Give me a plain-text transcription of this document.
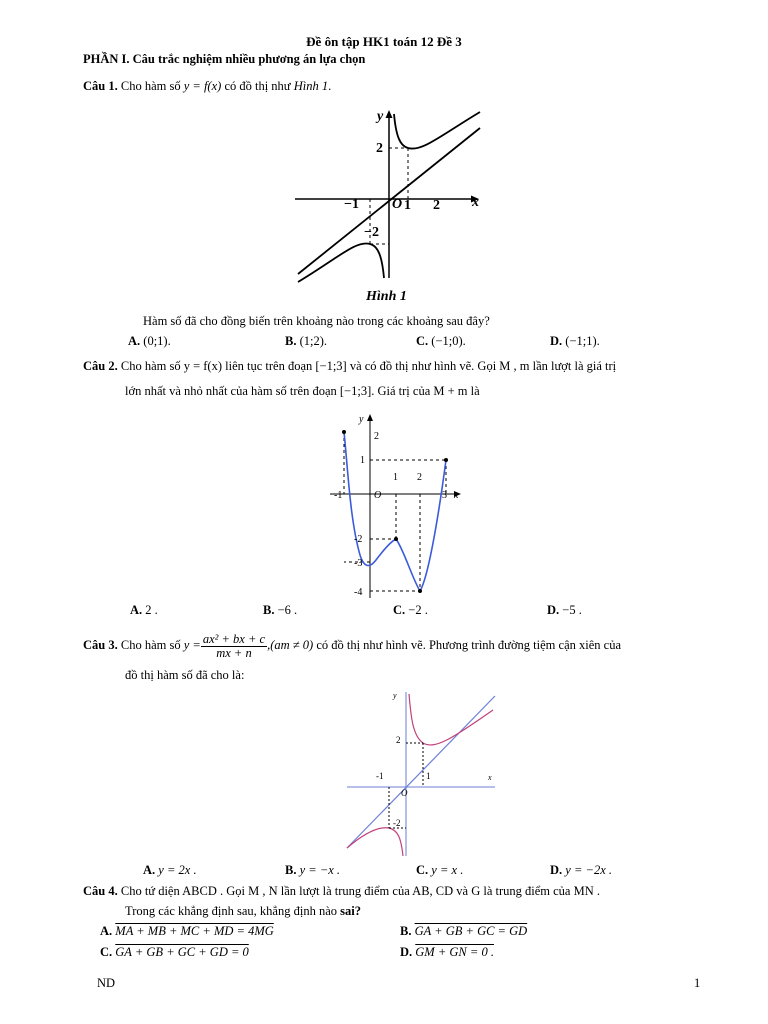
Đề ôn tập HK1 toán 12 Đề 3
PHẦN I. Câu trắc nghiệm nhiều phương án lựa chọn
Câu 1. Cho hàm số y = f(x) có đồ thị như Hình 1.
y
x
O
2
−2
−1	1 2
Hình 1
Hàm số đã cho đồng biến trên khoảng nào trong các khoảng sau đây?
A. (0;1).	B. (1;2).	C. (−1;0).	D. (−1;1).
Câu 2. Cho hàm số y = f(x) liên tục trên đoạn [−1;3] và có đồ thị như hình vẽ. Gọi M , m lần lượt là giá trị
lớn nhất và nhỏ nhất của hàm số trên đoạn [−1;3]. Giá trị của M + m là
y
x
2
1
O
1 2
-1	3
-2
-3
-4
A. 2 .	B. −6 .	C. −2 .	D. −5 .
Câu 3. Cho hàm số $y = \frac{\text{ax² + bx + c}}{mx + n} ,(am \ne 0)$ có đồ thị như hình vẽ. Phương trình đường tiệm cận xiên của
đồ thị hàm số đã cho là:
y
x
O
2
-1	1
-2
A. y = 2x .	B. y = −x .	C. y = x .	D. y = −2x .
Câu 4. Cho tứ diện ABCD . Gọi M , N lần lượt là trung điểm của AB, CD và G là trung điểm của MN .
Trong các khẳng định sau, khẳng định nào sai?
A. MA + MB + MC + MD = 4MG	B. GA + GB + GC = GD
C. GA + GB + GC + GD = 0	D. GM + GN = 0 .
ND	1
